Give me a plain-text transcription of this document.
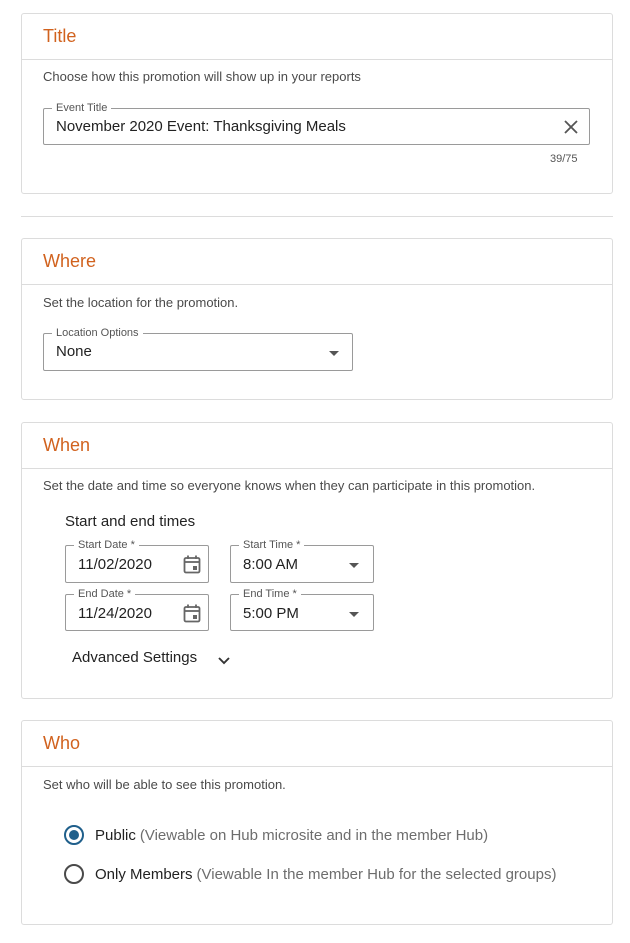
Title
Choose how this promotion will show up in your reports
Event Title
November 2020 Event: Thanksgiving Meals
39/75
Where
Set the location for the promotion.
Location Options
None
When
Set the date and time so everyone knows when they can participate in this promotion.
Start and end times
Start Date *
11/02/2020
Start Time *
8:00 AM
End Date *
11/24/2020
End Time *
5:00 PM
Advanced Settings
Who
Set who will be able to see this promotion.
Public (Viewable on Hub microsite and in the member Hub)
Only Members (Viewable In the member Hub for the selected groups)
